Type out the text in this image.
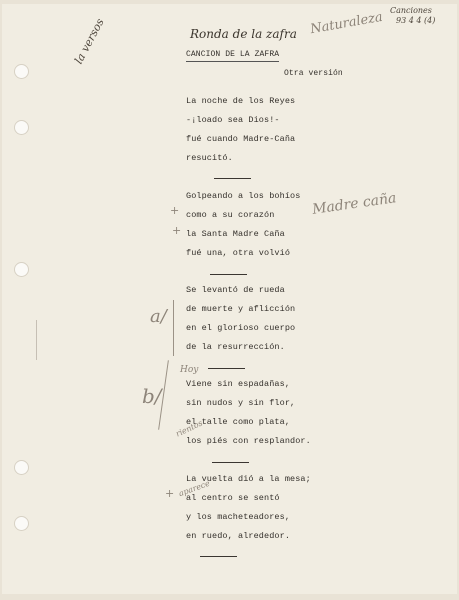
Ronda de la zafra
CANCION DE LA ZAFRA
Otra versión
la versos	Naturaleza Canciones
93 4 4 (4)
La noche de los Reyes
-¡loado sea Dios!-
fué cuando Madre-Caña
resucitó.
Golpeando a los bohíos
como a su corazón
la Santa Madre Caña
fué una, otra volvió
Se levantó de rueda
de muerte y aflicción
en el glorioso cuerpo
de la resurrección.
Viene sin espadañas,
sin nudos y sin flor,
el talle como plata,
los piés con resplandor.
La vuelta dió a la mesa;
al centro se sentó
y los macheteadores,
en ruedo, alrededor.
Madre caña
a/
b/
Hoy
rientos
aparece
+
+
+
